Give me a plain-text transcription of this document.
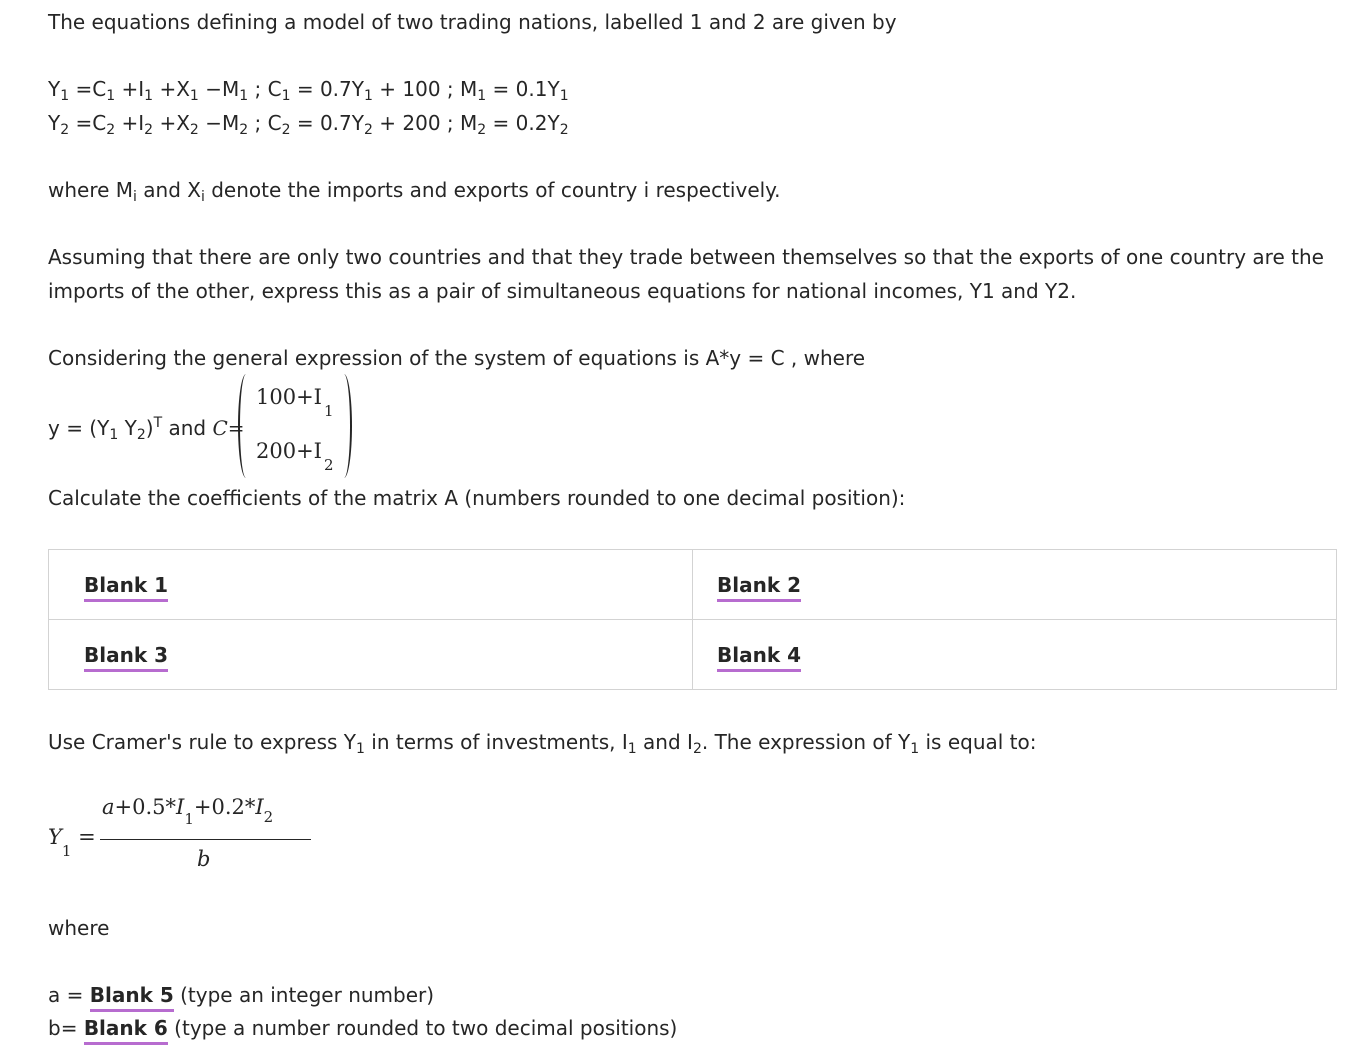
The equations defining a model of two trading nations, labelled 1 and 2 are given by
$Y_1 =C_1 +I_1 +X_1 -M_1$ ; $C_1 = 0.7Y_1 + 100$ ; $M_1 = 0.1Y_1$
$Y_2 =C_2 +I_2 +X_2 -M_2$ ; $C_2 = 0.7Y_2 + 200$ ; $M_2 = 0.2Y_2$
where $M_i$ and $X_i$ denote the imports and exports of country i respectively.
Assuming that there are only two countries and that they trade between themselves so that the exports of one country are the
imports of the other, express this as a pair of simultaneous equations for national incomes, Y1 and Y2.
Considering the general expression of the system of equations is A*y = C , where
$y = (Y_1$ $Y_2)^T$ and C=
$100+I_1$
$200+I_2$
Calculate the coefficients of the matrix A (numbers rounded to one decimal position):
Blank 1	Blank 2
Blank 3	Blank 4
Use Cramer's rule to express $Y_1$ in terms of investments, $I_1$ and $I_2$. The expression of $Y_1$ is equal to:
$Y_1$ =
$a+0.5*I_1+0.2*I_2$
b
where
a = Blank 5 (type an integer number)
b= Blank 6 (type a number rounded to two decimal positions)
